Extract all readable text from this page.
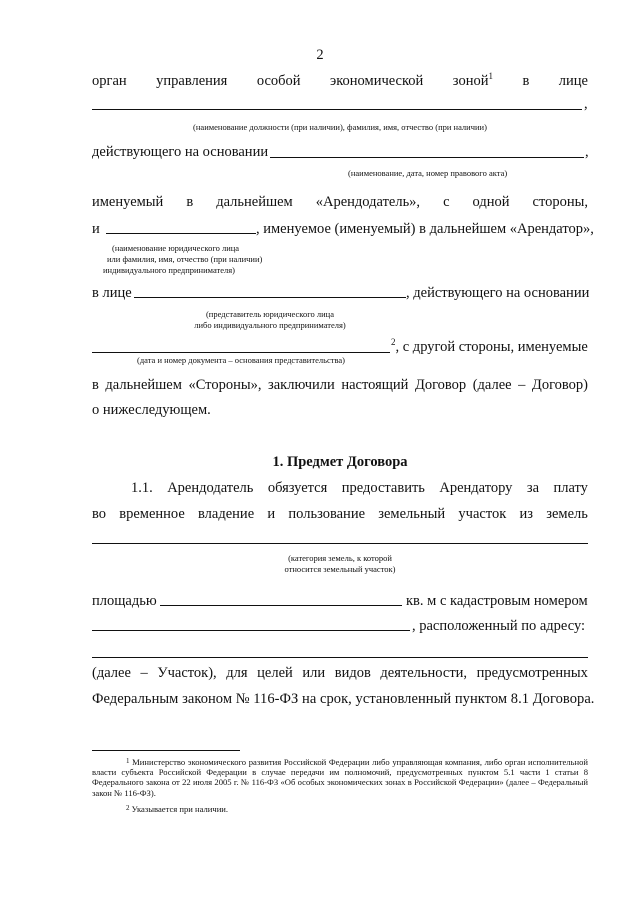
2
орган управления особой экономической зоной$^1$ в лице
,
(наименование должности (при наличии), фамилия, имя, отчество (при наличии)
действующего на основании	,
(наименование, дата, номер правового акта)
именуемый в дальнейшем «Арендодатель», с одной стороны,
и	, именуемое (именуемый) в дальнейшем «Арендатор»,
(наименование юридического лица
или фамилия, имя, отчество (при наличии)
индивидуального предпринимателя)
в лице	, действующего на основании
(представитель юридического лица
либо индивидуального предпринимателя)
$^2$, с другой стороны, именуемые
(дата и номер документа – основания представительства)
в дальнейшем «Стороны», заключили настоящий Договор (далее – Договор)
о нижеследующем.
1. Предмет Договора
1.1. Арендодатель обязуется предоставить Арендатору за плату
во временное владение и пользование земельный участок из земель
(категория земель, к которой
относится земельный участок)
площадью	кв. м с кадастровым номером
, расположенный по адресу:
(далее – Участок), для целей или видов деятельности, предусмотренных
Федеральным законом № 116-ФЗ на срок, установленный пунктом 8.1 Договора.
$^1$ Министерство экономического развития Российской Федерации либо управляющая компания, либо орган исполнительной власти субъекта Российской Федерации в случае передачи им полномочий, предусмотренных пунктом 5.1 части 1 статьи 8 Федерального закона от 22 июля 2005 г. № 116-ФЗ «Об особых экономических зонах в Российской Федерации» (далее – Федеральный закон № 116-ФЗ).
$^2$ Указывается при наличии.
